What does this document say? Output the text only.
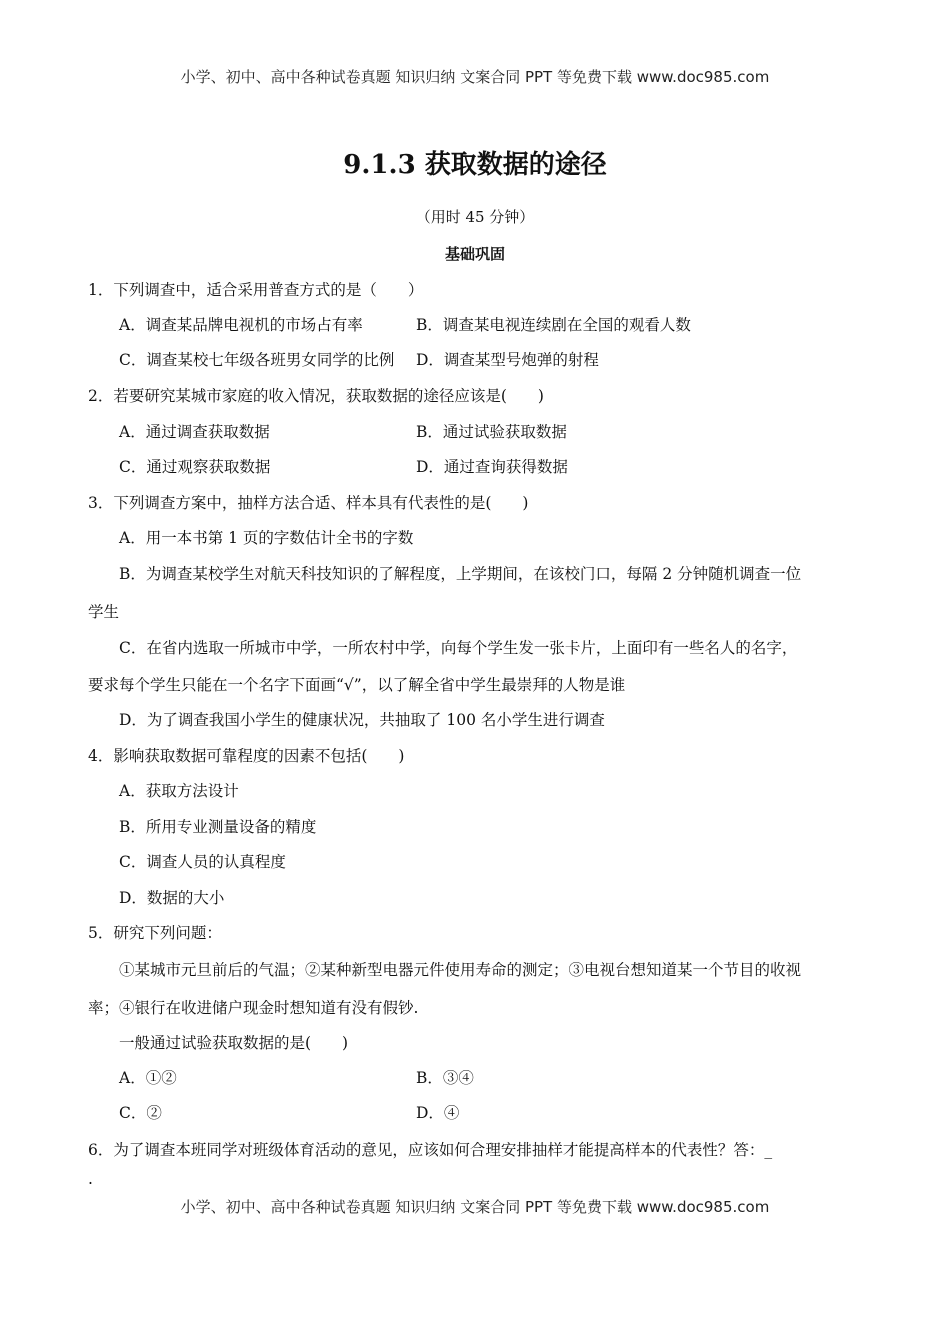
小学、初中、高中各种试卷真题 知识归纳 文案合同 PPT 等免费下载 www.doc985.com
9.1.3 获取数据的途径
（用时 45 分钟）
基础巩固
1．下列调查中，适合采用普查方式的是（　　）
A．调查某品牌电视机的市场占有率	B．调查某电视连续剧在全国的观看人数
C．调查某校七年级各班男女同学的比例 D．调查某型号炮弹的射程
2．若要研究某城市家庭的收入情况，获取数据的途径应该是(　　)
A．通过调查获取数据	B．通过试验获取数据
C．通过观察获取数据	D．通过查询获得数据
3．下列调查方案中，抽样方法合适、样本具有代表性的是(　　)
A．用一本书第 1 页的字数估计全书的字数
B．为调查某校学生对航天科技知识的了解程度，上学期间，在该校门口，每隔 2 分钟随机调查一位
学生
C．在省内选取一所城市中学，一所农村中学，向每个学生发一张卡片，上面印有一些名人的名字，
要求每个学生只能在一个名字下面画“√”，以了解全省中学生最崇拜的人物是谁
D．为了调查我国小学生的健康状况，共抽取了 100 名小学生进行调查
4．影响获取数据可靠程度的因素不包括(　　)
A．获取方法设计
B．所用专业测量设备的精度
C．调查人员的认真程度
D．数据的大小
5．研究下列问题：
①某城市元旦前后的气温；②某种新型电器元件使用寿命的测定；③电视台想知道某一个节目的收视
率；④银行在收进储户现金时想知道有没有假钞.
一般通过试验获取数据的是(　　)
A．①②	B．③④
C．②	D．④
6．为了调查本班同学对班级体育活动的意见，应该如何合理安排抽样才能提高样本的代表性？答：_
.
小学、初中、高中各种试卷真题 知识归纳 文案合同 PPT 等免费下载 www.doc985.com
